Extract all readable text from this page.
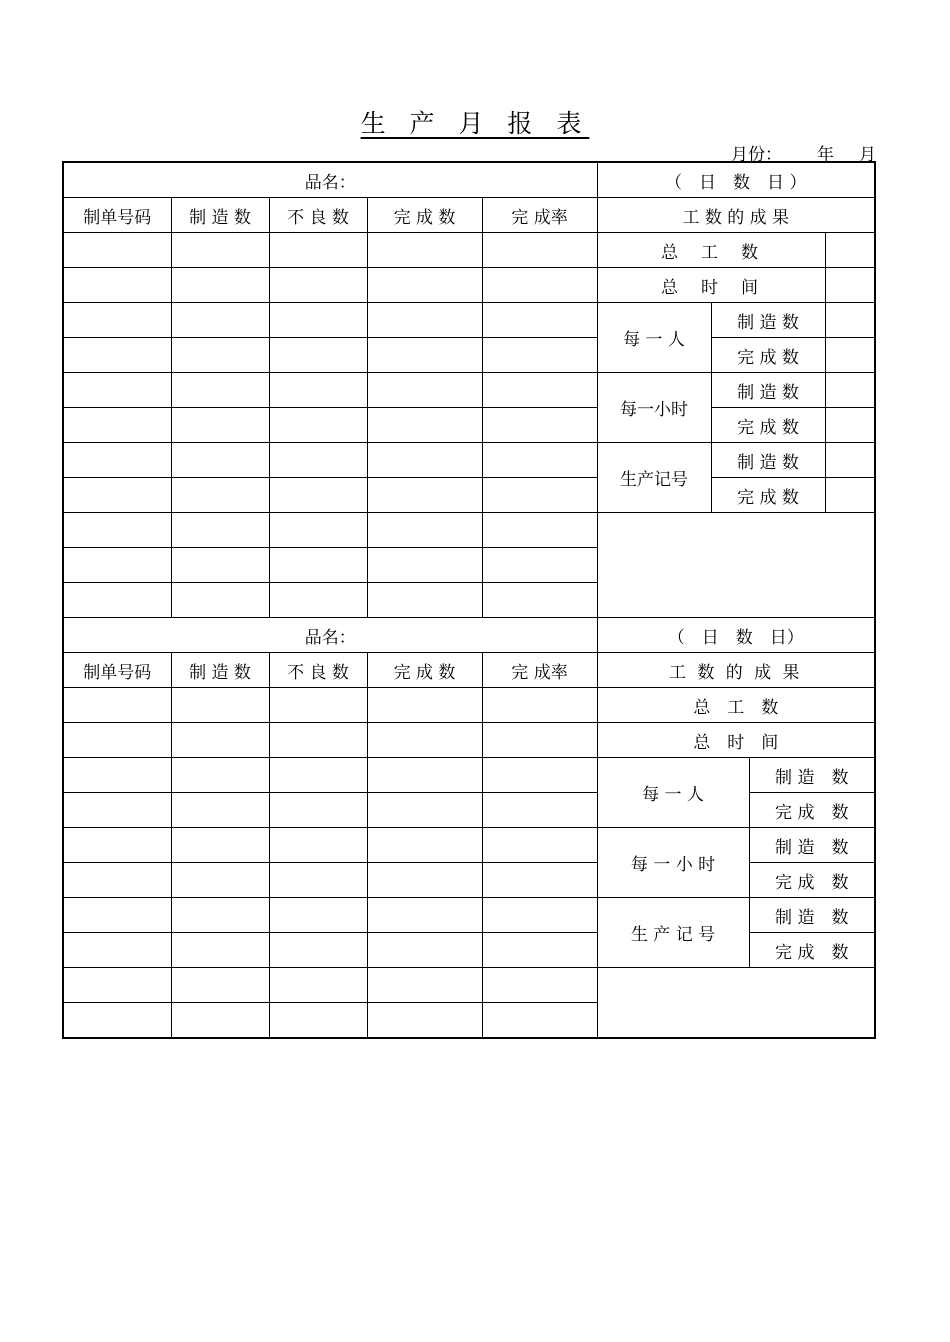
生 产 月 报 表
月份： 年 月
品名：					（　日　数　日 ）			
制单号码	制 造 数	不 良 数	完 成 数	完 成率	工 数 的 成 果			
					总　工　数			
					总　时　间			
					每 一 人	制 造 数		
						完 成 数		
					每一小时	制 造 数		
						完 成 数		
					生产记号	制 造 数		
						完 成 数		

品名：					（　日　数　日）			
制单号码	制 造 数	不 良 数	完 成 数	完 成率	工 数 的 成 果			
					总　工　数			
					总　时　间			
					每 一 人		制 造　数	
							完 成　数	
					每 一 小 时		制 造　数	
							完 成　数	
					生 产 记 号		制 造　数	
							完 成　数	
